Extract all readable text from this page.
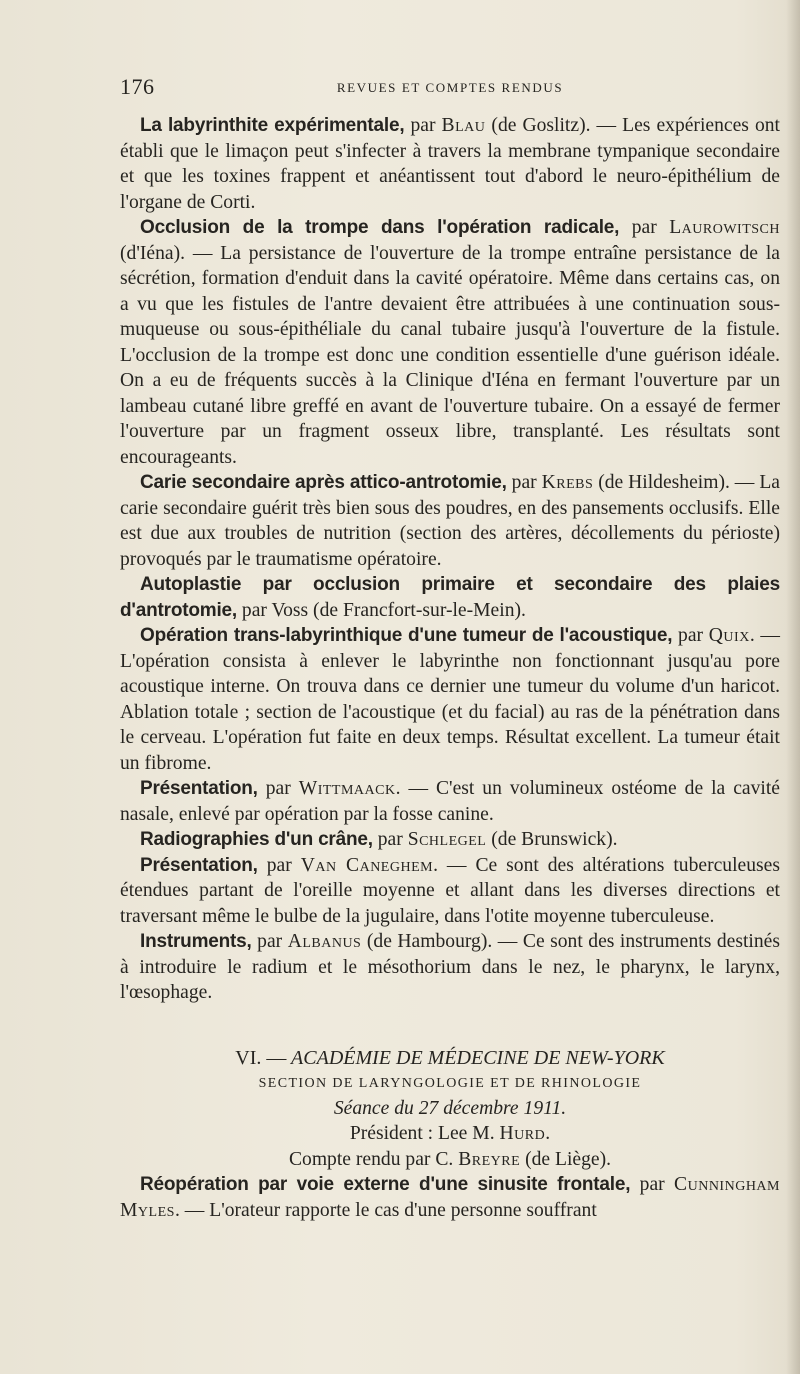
176	REVUES ET COMPTES RENDUS

La labyrinthite expérimentale, par Blau (de Goslitz). — Les expériences ont établi que le limaçon peut s'infecter à travers la membrane tympanique secondaire et que les toxines frappent et anéantissent tout d'abord le neuro-épithélium de l'organe de Corti.

Occlusion de la trompe dans l'opération radicale, par Laurowitsch (d'Iéna). — La persistance de l'ouverture de la trompe entraîne persistance de la sécrétion, formation d'enduit dans la cavité opératoire. Même dans certains cas, on a vu que les fistules de l'antre devaient être attribuées à une continuation sous-muqueuse ou sous-épithéliale du canal tubaire jusqu'à l'ouverture de la fistule. L'occlusion de la trompe est donc une condition essentielle d'une guérison idéale. On a eu de fréquents succès à la Clinique d'Iéna en fermant l'ouverture par un lambeau cutané libre greffé en avant de l'ouverture tubaire. On a essayé de fermer l'ouverture par un fragment osseux libre, transplanté. Les résultats sont encourageants.

Carie secondaire après attico-antrotomie, par Krebs (de Hildesheim). — La carie secondaire guérit très bien sous des poudres, en des pansements occlusifs. Elle est due aux troubles de nutrition (section des artères, décollements du périoste) provoqués par le traumatisme opératoire.

Autoplastie par occlusion primaire et secondaire des plaies d'antrotomie, par Voss (de Francfort-sur-le-Mein).

Opération trans-labyrinthique d'une tumeur de l'acoustique, par Quix. — L'opération consista à enlever le labyrinthe non fonctionnant jusqu'au pore acoustique interne. On trouva dans ce dernier une tumeur du volume d'un haricot. Ablation totale ; section de l'acoustique (et du facial) au ras de la pénétration dans le cerveau. L'opération fut faite en deux temps. Résultat excellent. La tumeur était un fibrome.

Présentation, par Wittmaack. — C'est un volumineux ostéome de la cavité nasale, enlevé par opération par la fosse canine.

Radiographies d'un crâne, par Schlegel (de Brunswick).

Présentation, par Van Caneghem. — Ce sont des altérations tuberculeuses étendues partant de l'oreille moyenne et allant dans les diverses directions et traversant même le bulbe de la jugulaire, dans l'otite moyenne tuberculeuse.

Instruments, par Albanus (de Hambourg). — Ce sont des instruments destinés à introduire le radium et le mésothorium dans le nez, le pharynx, le larynx, l'œsophage.

VI. — ACADÉMIE DE MÉDECINE DE NEW-YORK
SECTION DE LARYNGOLOGIE ET DE RHINOLOGIE
Séance du 27 décembre 1911.
Président : Lee M. Hurd.
Compte rendu par C. Breyre (de Liège).

Réopération par voie externe d'une sinusite frontale, par Cunningham Myles. — L'orateur rapporte le cas d'une personne souffrant
